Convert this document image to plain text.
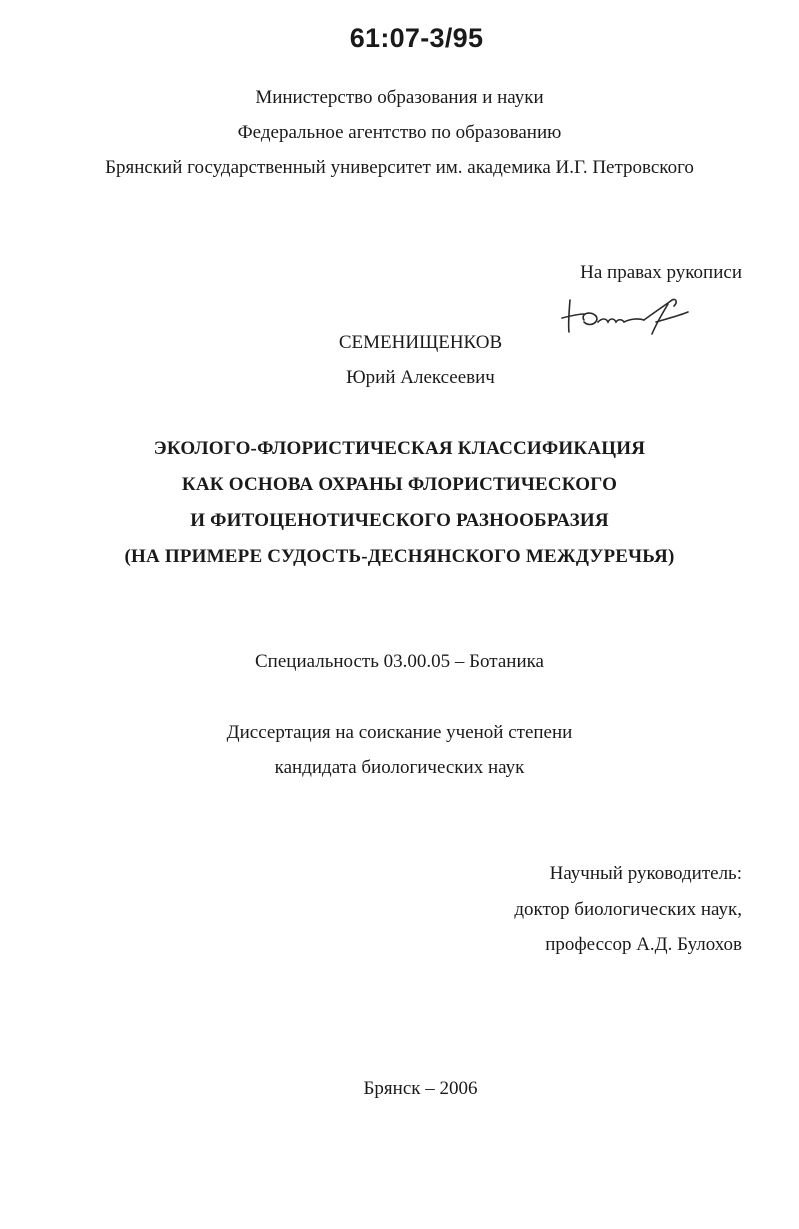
61:07-3/95
Министерство образования и науки
Федеральное агентство по образованию
Брянский государственный университет им. академика И.Г. Петровского
На правах рукописи
СЕМЕНИЩЕНКОВ
Юрий Алексеевич
ЭКОЛОГО-ФЛОРИСТИЧЕСКАЯ КЛАССИФИКАЦИЯ
КАК ОСНОВА ОХРАНЫ ФЛОРИСТИЧЕСКОГО
И ФИТОЦЕНОТИЧЕСКОГО РАЗНООБРАЗИЯ
(НА ПРИМЕРЕ СУДОСТЬ-ДЕСНЯНСКОГО МЕЖДУРЕЧЬЯ)
Специальность 03.00.05 – Ботаника
Диссертация на соискание ученой степени
кандидата биологических наук
Научный руководитель:
доктор биологических наук,
профессор А.Д. Булохов
Брянск – 2006
